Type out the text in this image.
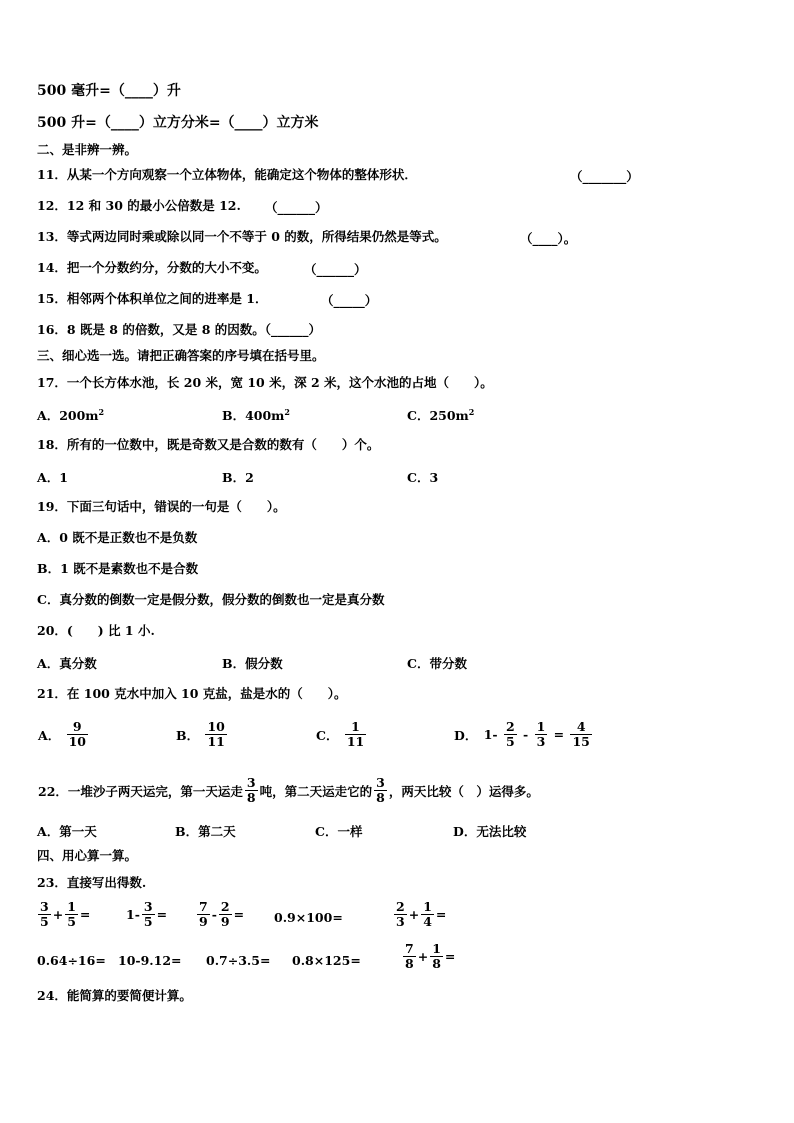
500 毫升=（____）升
500 升=（____）立方分米=（____）立方米
二、是非辨一辨。
11．从某一个方向观察一个立体物体，能确定这个物体的整体形状．	（_______）
12．12 和 30 的最小公倍数是 12. （______）
13．等式两边同时乘或除以同一个不等于 0 的数，所得结果仍然是等式。	（____）。
14．把一个分数约分，分数的大小不变。	（______）
15．相邻两个体积单位之间的进率是 1．	（_____）
16．8 既是 8 的倍数，又是 8 的因数。（______）
三、细心选一选。请把正确答案的序号填在括号里。
17．一个长方体水池，长 20 米，宽 10 米，深 2 米，这个水池的占地（　　）。
A．$200m^2$	B．$400m^2$	C．$250m^2$
18．所有的一位数中，既是奇数又是合数的数有（　　）个。
A．1	B．2	C．3
19．下面三句话中，错误的一句是（　　）。
A．0 既不是正数也不是负数
B．1 既不是素数也不是合数
C．真分数的倒数一定是假分数，假分数的倒数也一定是真分数
20．(　　) 比 1 小.
A．真分数	B．假分数	C．带分数
21．在 100 克水中加入 10 克盐，盐是水的（　　）。
A． $\frac{9}{10}$	B． $\frac{10}{11}$	C． $\frac{1}{11}$	D． $1- \frac{2}{5} - \frac{1}{3} = \frac{4}{15}$
22．一堆沙子两天运完，第一天运走 $\frac{3}{8}$ 吨，第二天运走它的 $\frac{3}{8}$ ，两天比较（　）运得多。
A．第一天	B．第二天	C．一样	D．无法比较
四、用心算一算。
23．直接写出得数.
$\frac{3}{5} + \frac{1}{5}$ =	$1- \frac{3}{5} = \frac{7}{9} - \frac{2}{9} = 0.9\times 100=$	$\frac{2}{3} + \frac{1}{4}$ =
0.64÷16= 10-9.12= 0.7÷3.5= 0.8×125=	$\frac{7}{8} + \frac{1}{8}$ =
24．能简算的要简便计算。
